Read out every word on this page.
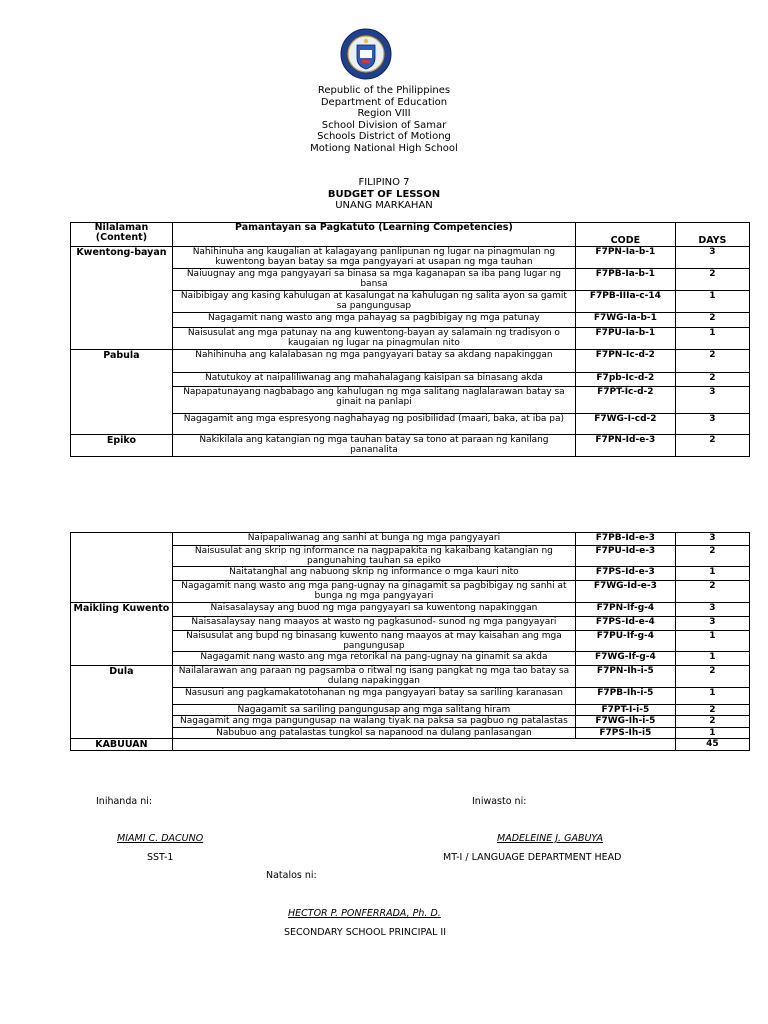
Republic of the Philippines
Department of Education
Region VIII
School Division of Samar
Schools District of Motiong
Motiong National High School
FILIPINO 7
BUDGET OF LESSON
UNANG MARKAHAN
Nilalaman (Content)	Pamantayan sa Pagkatuto (Learning Competencies)	CODE	DAYS
Kwentong-bayan	Nahihinuha ang kaugalian at kalagayang panlipunan ng lugar na pinagmulan ng kuwentong bayan batay sa mga pangyayari at usapan ng mga tauhan	F7PN-Ia-b-1	3
	Naiuugnay ang mga pangyayari sa binasa sa mga kaganapan sa iba pang lugar ng bansa	F7PB-Ia-b-1	2
	Naibibigay ang kasing kahulugan at kasalungat na kahulugan ng salita ayon sa gamit sa pangungusap	F7PB-IIIa-c-14	1
	Nagagamit nang wasto ang mga pahayag sa pagbibigay ng mga patunay	F7WG-Ia-b-1	2
	Naisusulat ang mga patunay na ang kuwentong-bayan ay salamain ng tradisyon o kaugaian ng lugar na pinagmulan nito	F7PU-Ia-b-1	1
Pabula	Nahihinuha ang kalalabasan ng mga pangyayari batay sa akdang napakinggan	F7PN-Ic-d-2	2
	Natutukoy at naipaliliwanag ang mahahalagang kaisipan sa binasang akda	F7pb-Ic-d-2	2
	Napapatunayang nagbabago ang kahulugan ng mga salitang naglalarawan batay sa ginait na panlapi	F7PT-Ic-d-2	3
	Nagagamit ang mga espresyong naghahayag ng posibilidad (maari, baka, at iba pa)	F7WG-I-cd-2	3
Epiko	Nakikilala ang katangian ng mga tauhan batay sa tono at paraan ng kanilang pananalita	F7PN-Id-e-3	2
	Naipapaliwanag ang sanhi at bunga ng mga pangyayari	F7PB-Id-e-3	3
	Naisusulat ang skrip ng informance na nagpapakita ng kakaibang katangian ng pangunahing tauhan sa epiko	F7PU-Id-e-3	2
	Naitatanghal ang nabuong skrip ng informance o mga kauri nito	F7PS-Id-e-3	1
	Nagagamit nang wasto ang mga pang-ugnay na ginagamit sa pagbibigay ng sanhi at bunga ng mga pangyayari	F7WG-Id-e-3	2
Maikling Kuwento	Naisasalaysay ang buod ng mga pangyayari sa kuwentong napakinggan	F7PN-If-g-4	3
	Naisasalaysay nang maayos at wasto ng pagkasunod- sunod ng mga pangyayari	F7PS-Id-e-4	3
	Naisusulat ang bupd ng binasang kuwento nang maayos at may kaisahan ang mga pangungusap	F7PU-If-g-4	1
	Nagagamit nang wasto ang mga retorikal na pang-ugnay na ginamit sa akda	F7WG-If-g-4	1
Dula	Nailalarawan ang paraan ng pagsamba o ritwal ng isang pangkat ng mga tao batay sa dulang napakinggan	F7PN-Ih-i-5	2
	Nasusuri ang pagkamakatotohanan ng mga pangyayari batay sa sariling karanasan	F7PB-Ih-i-5	1
	Nagagamit sa sariling pangungusap ang mga salitang hiram	F7PT-I-i-5	2
	Nagagamit ang mga pangungusap na walang tiyak na paksa sa pagbuo ng patalastas	F7WG-Ih-i-5	2
	Nabubuo ang patalastas tungkol sa napanood na dulang panlasangan	F7PS-Ih-i5	1
KABUUAN			45
Inihanda ni:	Iniwasto ni:
MIAMI C. DACUNO	MADELEINE J. GABUYA
SST-1	MT-I / LANGUAGE DEPARTMENT HEAD
Natalos ni:
HECTOR P. PONFERRADA, Ph. D.
SECONDARY SCHOOL PRINCIPAL II
